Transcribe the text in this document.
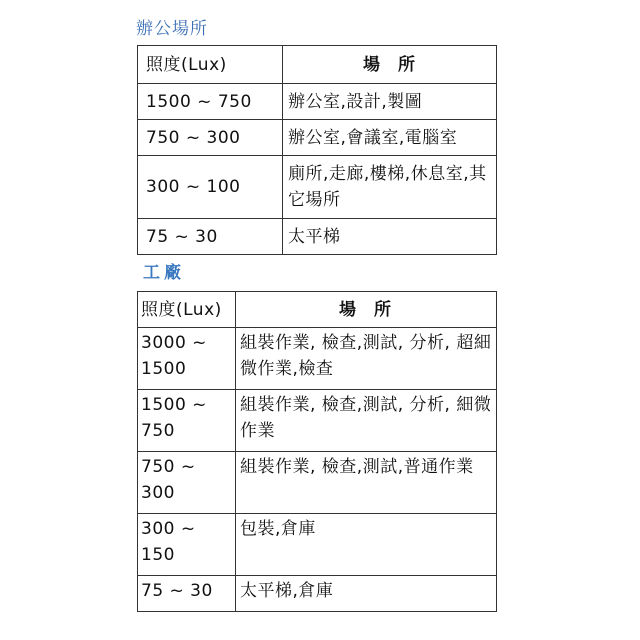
辦公場所
照度(Lux)	場 所
1500 ~ 750	辦公室,設計,製圖
750 ~ 300	辦公室,會議室,電腦室
300 ~ 100	廁所,走廊,樓梯,休息室,其它場所
75 ~ 30	太平梯
工廠
照度(Lux)	場 所
3000 ~ 1500	組裝作業, 檢查,測試, 分析, 超細微作業,檢查
1500 ~ 750	組裝作業, 檢查,測試, 分析, 細微作業
750 ~ 300	組裝作業, 檢查,測試,普通作業
300 ~ 150	包裝,倉庫
75 ~ 30	太平梯,倉庫
